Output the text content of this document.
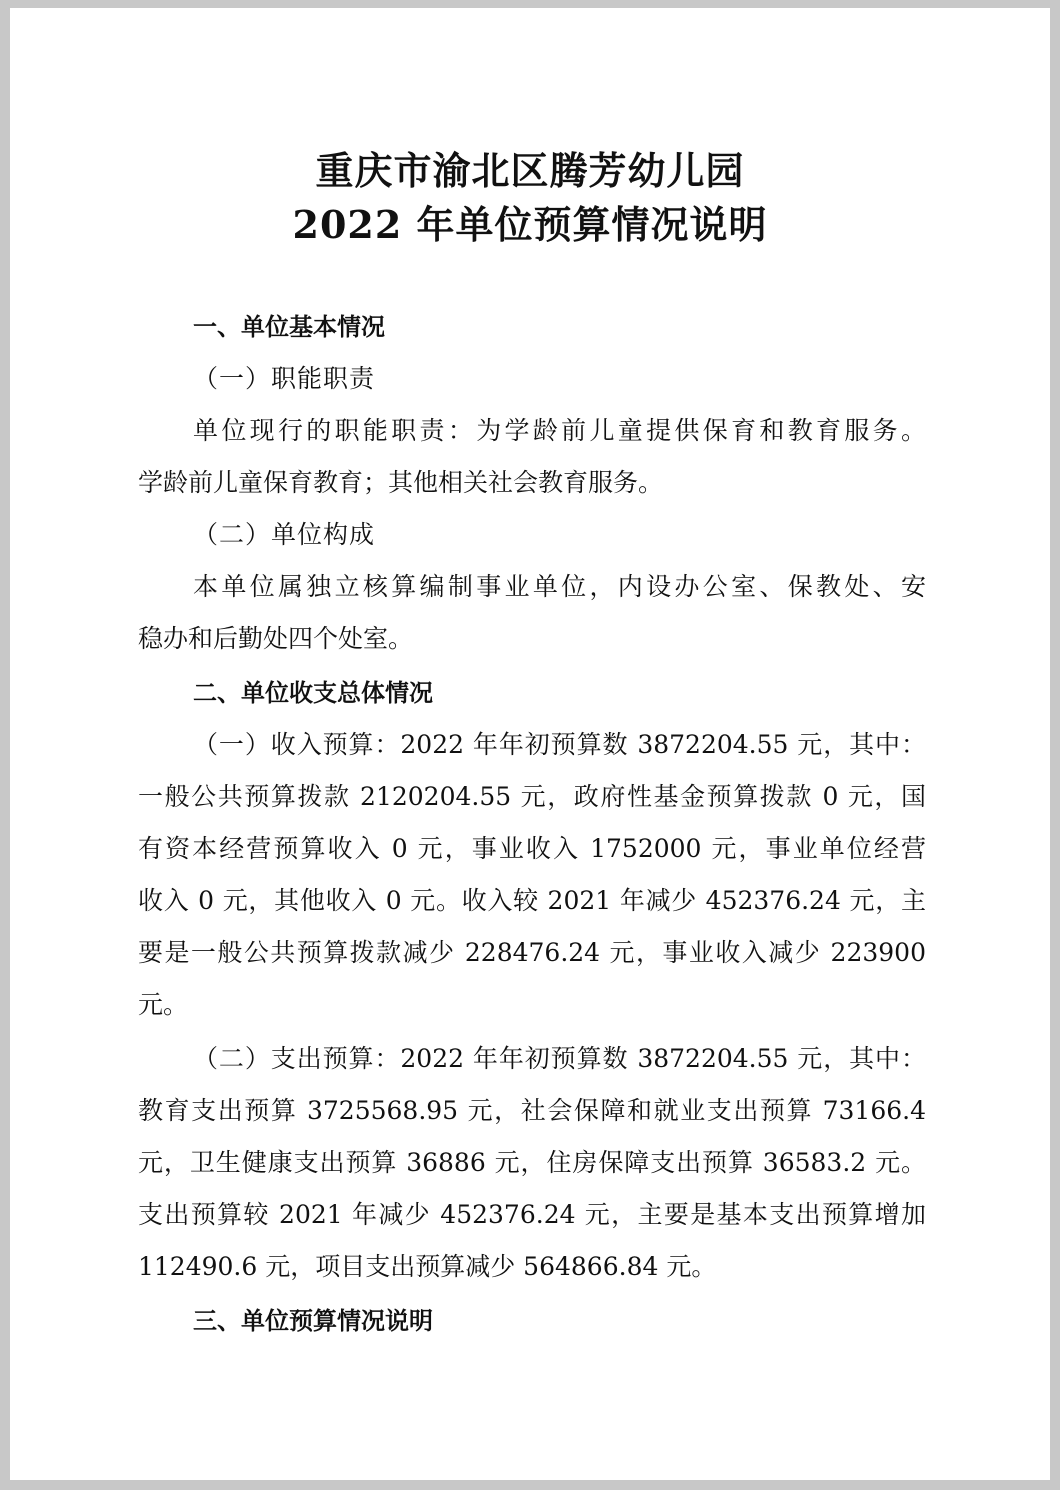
重庆市渝北区腾芳幼儿园
2022 年单位预算情况说明
一、单位基本情况
（一）职能职责
单位现行的职能职责：为学龄前儿童提供保育和教育服务。
学龄前儿童保育教育；其他相关社会教育服务。
（二）单位构成
本单位属独立核算编制事业单位，内设办公室、保教处、安
稳办和后勤处四个处室。
二、单位收支总体情况
（一）收入预算：2022 年年初预算数 3872204.55 元，其中：
一般公共预算拨款 2120204.55 元，政府性基金预算拨款 0 元，国
有资本经营预算收入 0 元，事业收入 1752000 元，事业单位经营
收入 0 元，其他收入 0 元。收入较 2021 年减少 452376.24 元，主
要是一般公共预算拨款减少 228476.24 元，事业收入减少 223900
元。
（二）支出预算：2022 年年初预算数 3872204.55 元，其中：
教育支出预算 3725568.95 元，社会保障和就业支出预算 73166.4
元，卫生健康支出预算 36886 元，住房保障支出预算 36583.2 元。
支出预算较 2021 年减少 452376.24 元，主要是基本支出预算增加
112490.6 元，项目支出预算减少 564866.84 元。
三、单位预算情况说明
